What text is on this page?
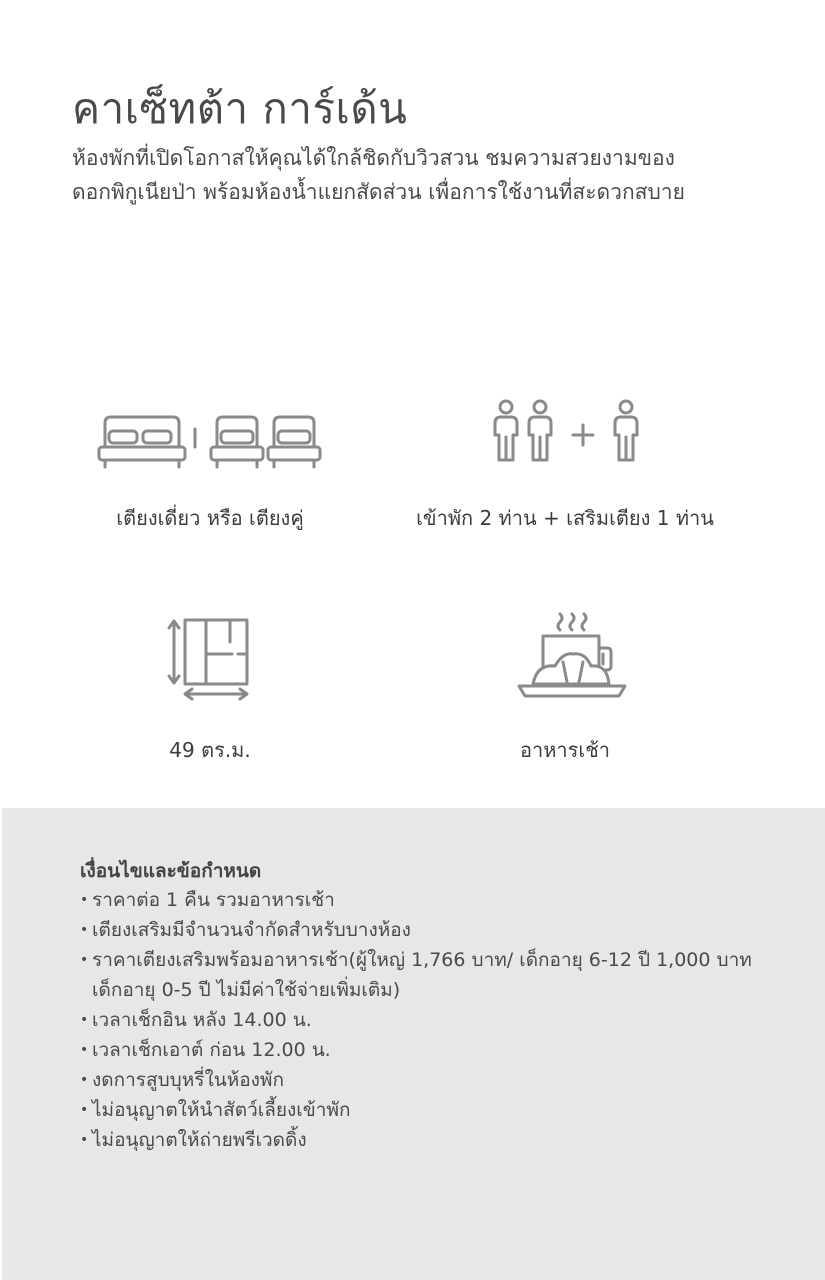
คาเซ็ทต้า การ์เด้น
ห้องพักที่เปิดโอกาสให้คุณได้ใกล้ชิดกับวิวสวน ชมความสวยงามของ
ดอกพิกูเนียป่า พร้อมห้องน้ำแยกสัดส่วน เพื่อการใช้งานที่สะดวกสบาย
เตียงเดี่ยว หรือ เตียงคู่	เข้าพัก 2 ท่าน + เสริมเตียง 1 ท่าน
49 ตร.ม.	อาหารเช้า
เงื่อนไขและข้อกำหนด
• ราคาต่อ 1 คืน รวมอาหารเช้า
• เตียงเสริมมีจำนวนจำกัดสำหรับบางห้อง
• ราคาเตียงเสริมพร้อมอาหารเช้า(ผู้ใหญ่ 1,766 บาท/ เด็กอายุ 6-12 ปี 1,000 บาท
เด็กอายุ 0-5 ปี ไม่มีค่าใช้จ่ายเพิ่มเติม)
• เวลาเช็กอิน หลัง 14.00 น.
• เวลาเช็กเอาต์ ก่อน 12.00 น.
• งดการสูบบุหรี่ในห้องพัก
• ไม่อนุญาตให้นำสัตว์เลี้ยงเข้าพัก
• ไม่อนุญาตให้ถ่ายพรีเวดดิ้ง
